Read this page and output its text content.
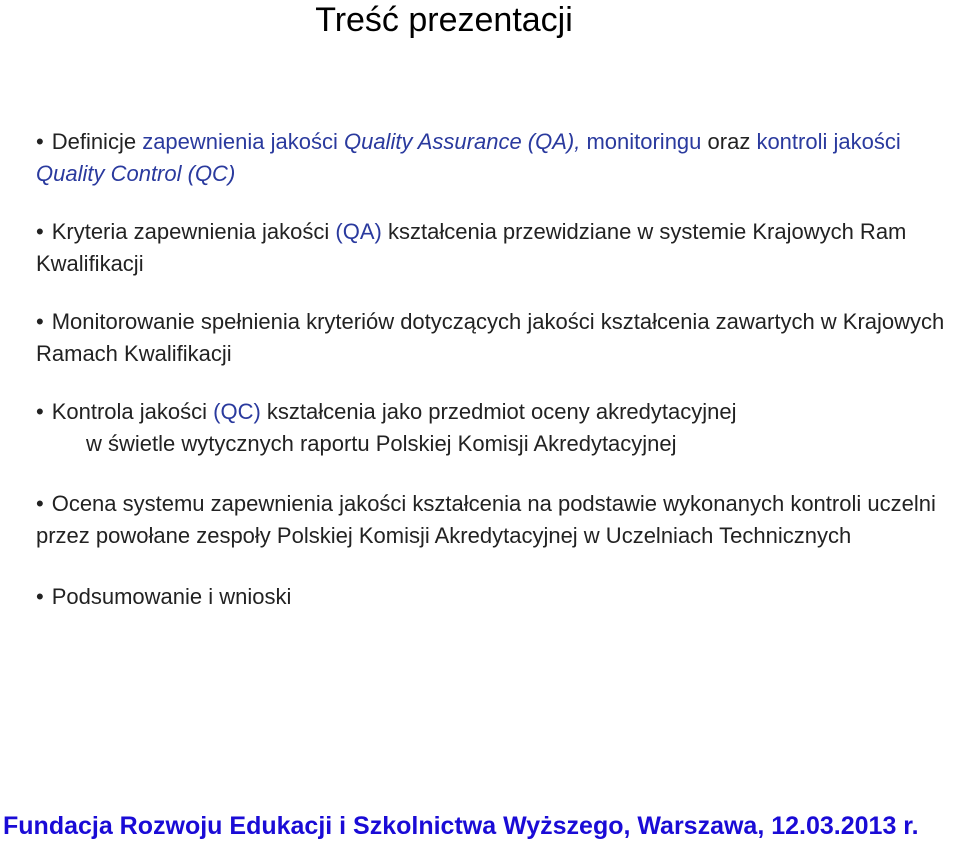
Treść prezentacji
• Definicje zapewnienia jakości Quality Assurance (QA), monitoringu oraz kontroli jakości Quality Control (QC)
• Kryteria zapewnienia jakości (QA) kształcenia przewidziane w systemie Krajowych Ram Kwalifikacji
• Monitorowanie spełnienia kryteriów dotyczących jakości kształcenia zawartych w Krajowych Ramach Kwalifikacji
• Kontrola jakości (QC) kształcenia jako przedmiot oceny akredytacyjnej
w świetle wytycznych raportu Polskiej Komisji Akredytacyjnej
• Ocena systemu zapewnienia jakości kształcenia na podstawie wykonanych kontroli uczelni przez powołane zespoły Polskiej Komisji Akredytacyjnej w Uczelniach Technicznych
• Podsumowanie i wnioski

Fundacja Rozwoju Edukacji i Szkolnictwa Wyższego, Warszawa, 12.03.2013 r.
